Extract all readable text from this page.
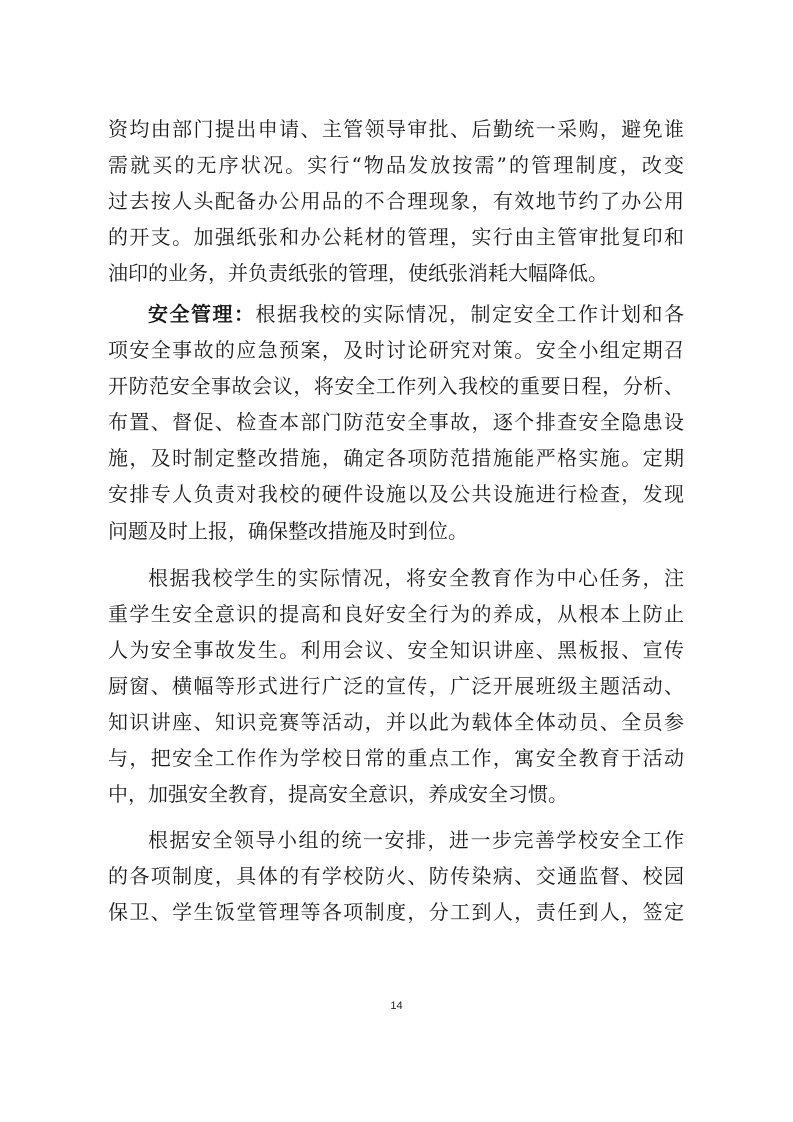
资均由部门提出申请、主管领导审批、后勤统一采购，避免谁
需就买的无序状况。实行“物品发放按需”的管理制度，改变
过去按人头配备办公用品的不合理现象，有效地节约了办公用
的开支。加强纸张和办公耗材的管理，实行由主管审批复印和
油印的业务，并负责纸张的管理，使纸张消耗大幅降低。
安全管理：根据我校的实际情况，制定安全工作计划和各
项安全事故的应急预案，及时讨论研究对策。安全小组定期召
开防范安全事故会议，将安全工作列入我校的重要日程，分析、
布置、督促、检查本部门防范安全事故，逐个排查安全隐患设
施，及时制定整改措施，确定各项防范措施能严格实施。定期
安排专人负责对我校的硬件设施以及公共设施进行检查，发现
问题及时上报，确保整改措施及时到位。
根据我校学生的实际情况，将安全教育作为中心任务，注
重学生安全意识的提高和良好安全行为的养成，从根本上防止
人为安全事故发生。利用会议、安全知识讲座、黑板报、宣传
厨窗、横幅等形式进行广泛的宣传，广泛开展班级主题活动、
知识讲座、知识竞赛等活动，并以此为载体全体动员、全员参
与，把安全工作作为学校日常的重点工作，寓安全教育于活动
中，加强安全教育，提高安全意识，养成安全习惯。
根据安全领导小组的统一安排，进一步完善学校安全工作
的各项制度，具体的有学校防火、防传染病、交通监督、校园
保卫、学生饭堂管理等各项制度，分工到人，责任到人，签定
14
